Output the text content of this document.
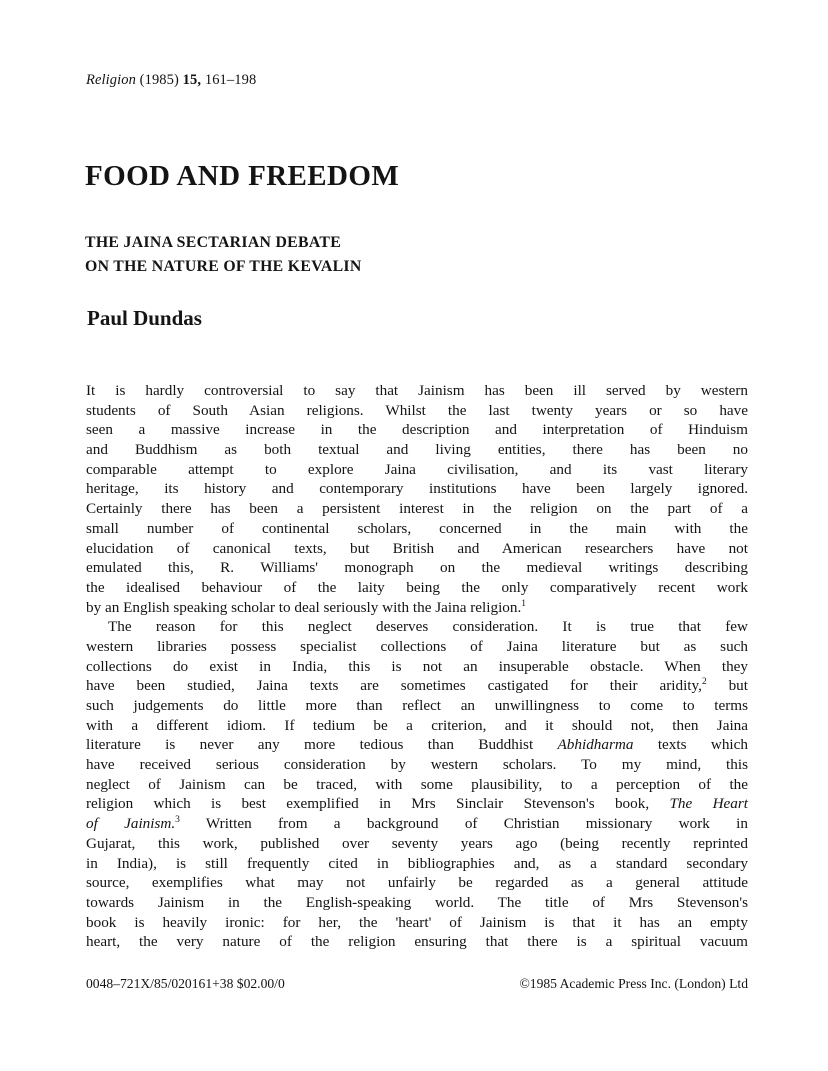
Religion (1985) 15, 161–198
FOOD AND FREEDOM
THE JAINA SECTARIAN DEBATE
ON THE NATURE OF THE KEVALIN
Paul Dundas
It is hardly controversial to say that Jainism has been ill served by western
students of South Asian religions. Whilst the last twenty years or so have
seen a massive increase in the description and interpretation of Hinduism
and Buddhism as both textual and living entities, there has been no
comparable attempt to explore Jaina civilisation, and its vast literary
heritage, its history and contemporary institutions have been largely ignored.
Certainly there has been a persistent interest in the religion on the part of a
small number of continental scholars, concerned in the main with the
elucidation of canonical texts, but British and American researchers have not
emulated this, R. Williams' monograph on the medieval writings describing
the idealised behaviour of the laity being the only comparatively recent work
by an English speaking scholar to deal seriously with the Jaina religion.$^1$
The reason for this neglect deserves consideration. It is true that few
western libraries possess specialist collections of Jaina literature but as such
collections do exist in India, this is not an insuperable obstacle. When they
have been studied, Jaina texts are sometimes castigated for their aridity,$^2$ but
such judgements do little more than reflect an unwillingness to come to terms
with a different idiom. If tedium be a criterion, and it should not, then Jaina
literature is never any more tedious than Buddhist Abhidharma texts which
have received serious consideration by western scholars. To my mind, this
neglect of Jainism can be traced, with some plausibility, to a perception of the
religion which is best exemplified in Mrs Sinclair Stevenson's book, The Heart
of Jainism.$^3$ Written from a background of Christian missionary work in
Gujarat, this work, published over seventy years ago (being recently reprinted
in India), is still frequently cited in bibliographies and, as a standard secondary
source, exemplifies what may not unfairly be regarded as a general attitude
towards Jainism in the English-speaking world. The title of Mrs Stevenson's
book is heavily ironic: for her, the 'heart' of Jainism is that it has an empty
heart, the very nature of the religion ensuring that there is a spiritual vacuum
0048–721X/85/020161+38 $02.00/0	©1985 Academic Press Inc. (London) Ltd
